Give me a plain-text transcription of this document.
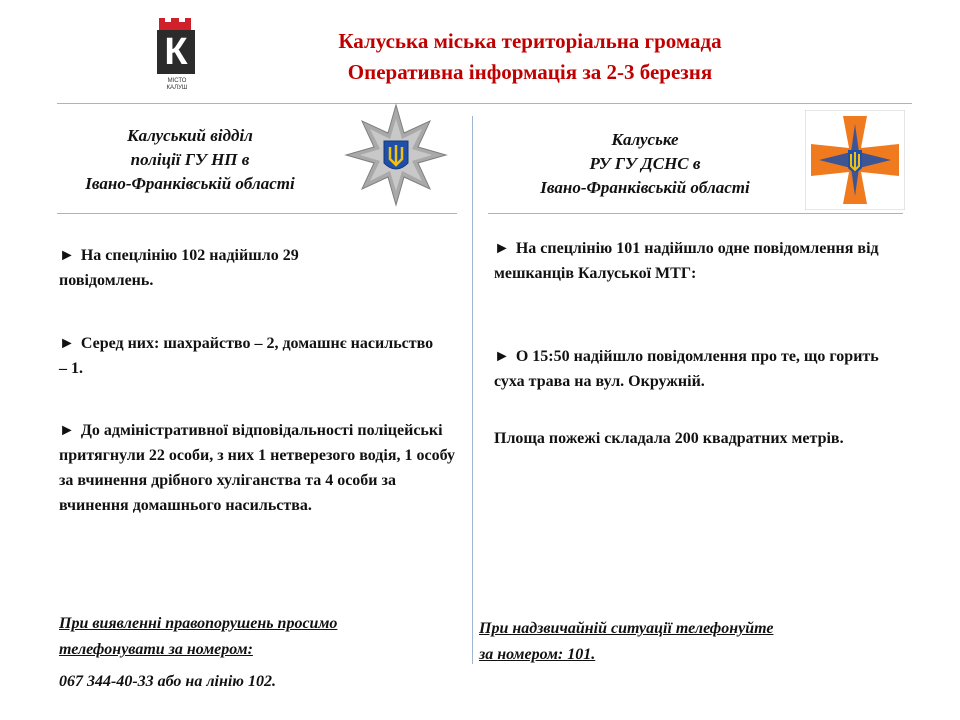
К
МІСТО
КАЛУШ
Калуська міська територіальна громада
Оперативна інформація за 2-3 березня
Калуський відділ
поліції ГУ НП в
Івано-Франківській області
► На спецлінію 102 надійшло 29 повідомлень.
► Серед них: шахрайство – 2, домашнє насильство – 1.
► До адміністративної відповідальності поліцейські притягнули 22 особи, з них 1 нетверезого водія, 1 особу за вчинення дрібного хуліганства та 4 особи за вчинення домашнього насильства.
При виявленні правопорушень просимо
телефонувати за номером:
067 344-40-33 або на лінію 102.
Калуське
РУ ГУ ДСНС в
Івано-Франківській області
► На спецлінію 101 надійшло одне повідомлення від мешканців Калуської МТГ:
► О 15:50 надійшло повідомлення про те, що горить суха трава на вул. Окружній.
Площа пожежі складала 200 квадратних метрів.
При надзвичайній ситуації телефонуйте
за номером: 101.
